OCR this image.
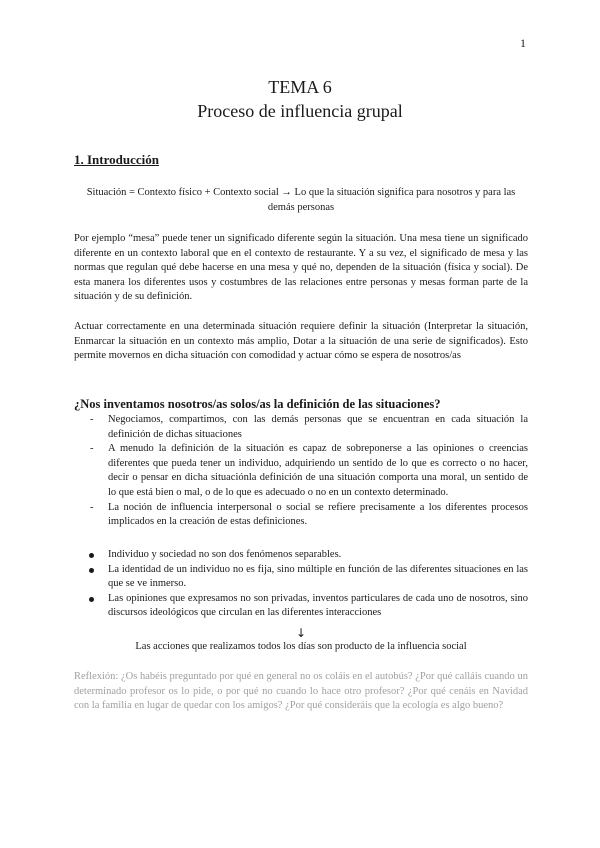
1
TEMA 6
Proceso de influencia grupal
1. Introducción
Situación = Contexto físico + Contexto social → Lo que la situación significa para nosotros y para las demás personas
Por ejemplo “mesa” puede tener un significado diferente según la situación. Una mesa tiene un significado diferente en un contexto laboral que en el contexto de restaurante. Y a su vez, el significado de mesa y las normas que regulan qué debe hacerse en una mesa y qué no, dependen de la situación (física y social). De esta manera los diferentes usos y costumbres de las relaciones entre personas y mesas forman parte de la situación y de su definición.
Actuar correctamente en una determinada situación requiere definir la situación (Interpretar la situación, Enmarcar la situación en un contexto más amplio, Dotar a la situación de una serie de significados). Esto permite movernos en dicha situación con comodidad y actuar cómo se espera de nosotros/as
¿Nos inventamos nosotros/as solos/as la definición de las situaciones?
- Negociamos, compartimos, con las demás personas que se encuentran en cada situación la definición de dichas situaciones
- A menudo la definición de la situación es capaz de sobreponerse a las opiniones o creencias diferentes que pueda tener un individuo, adquiriendo un sentido de lo que es correcto o no hacer, decir o pensar en dicha situaciónla definición de una situación comporta una moral, un sentido de lo que está bien o mal, o de lo que es adecuado o no en un contexto determinado.
- La noción de influencia interpersonal o social se refiere precisamente a los diferentes procesos implicados en la creación de estas definiciones.
Individuo y sociedad no son dos fenómenos separables.
La identidad de un individuo no es fija, sino múltiple en función de las diferentes situaciones en las que se ve inmerso.
Las opiniones que expresamos no son privadas, inventos particulares de cada uno de nosotros, sino discursos ideológicos que circulan en las diferentes interacciones
↓
Las acciones que realizamos todos los días son producto de la influencia social
Reflexión: ¿Os habéis preguntado por qué en general no os coláis en el autobús? ¿Por qué calláis cuando un determinado profesor os lo pide, o por qué no cuando lo hace otro profesor? ¿Por qué cenáis en Navidad con la familia en lugar de quedar con los amigos? ¿Por qué consideráis que la ecología es algo bueno?
